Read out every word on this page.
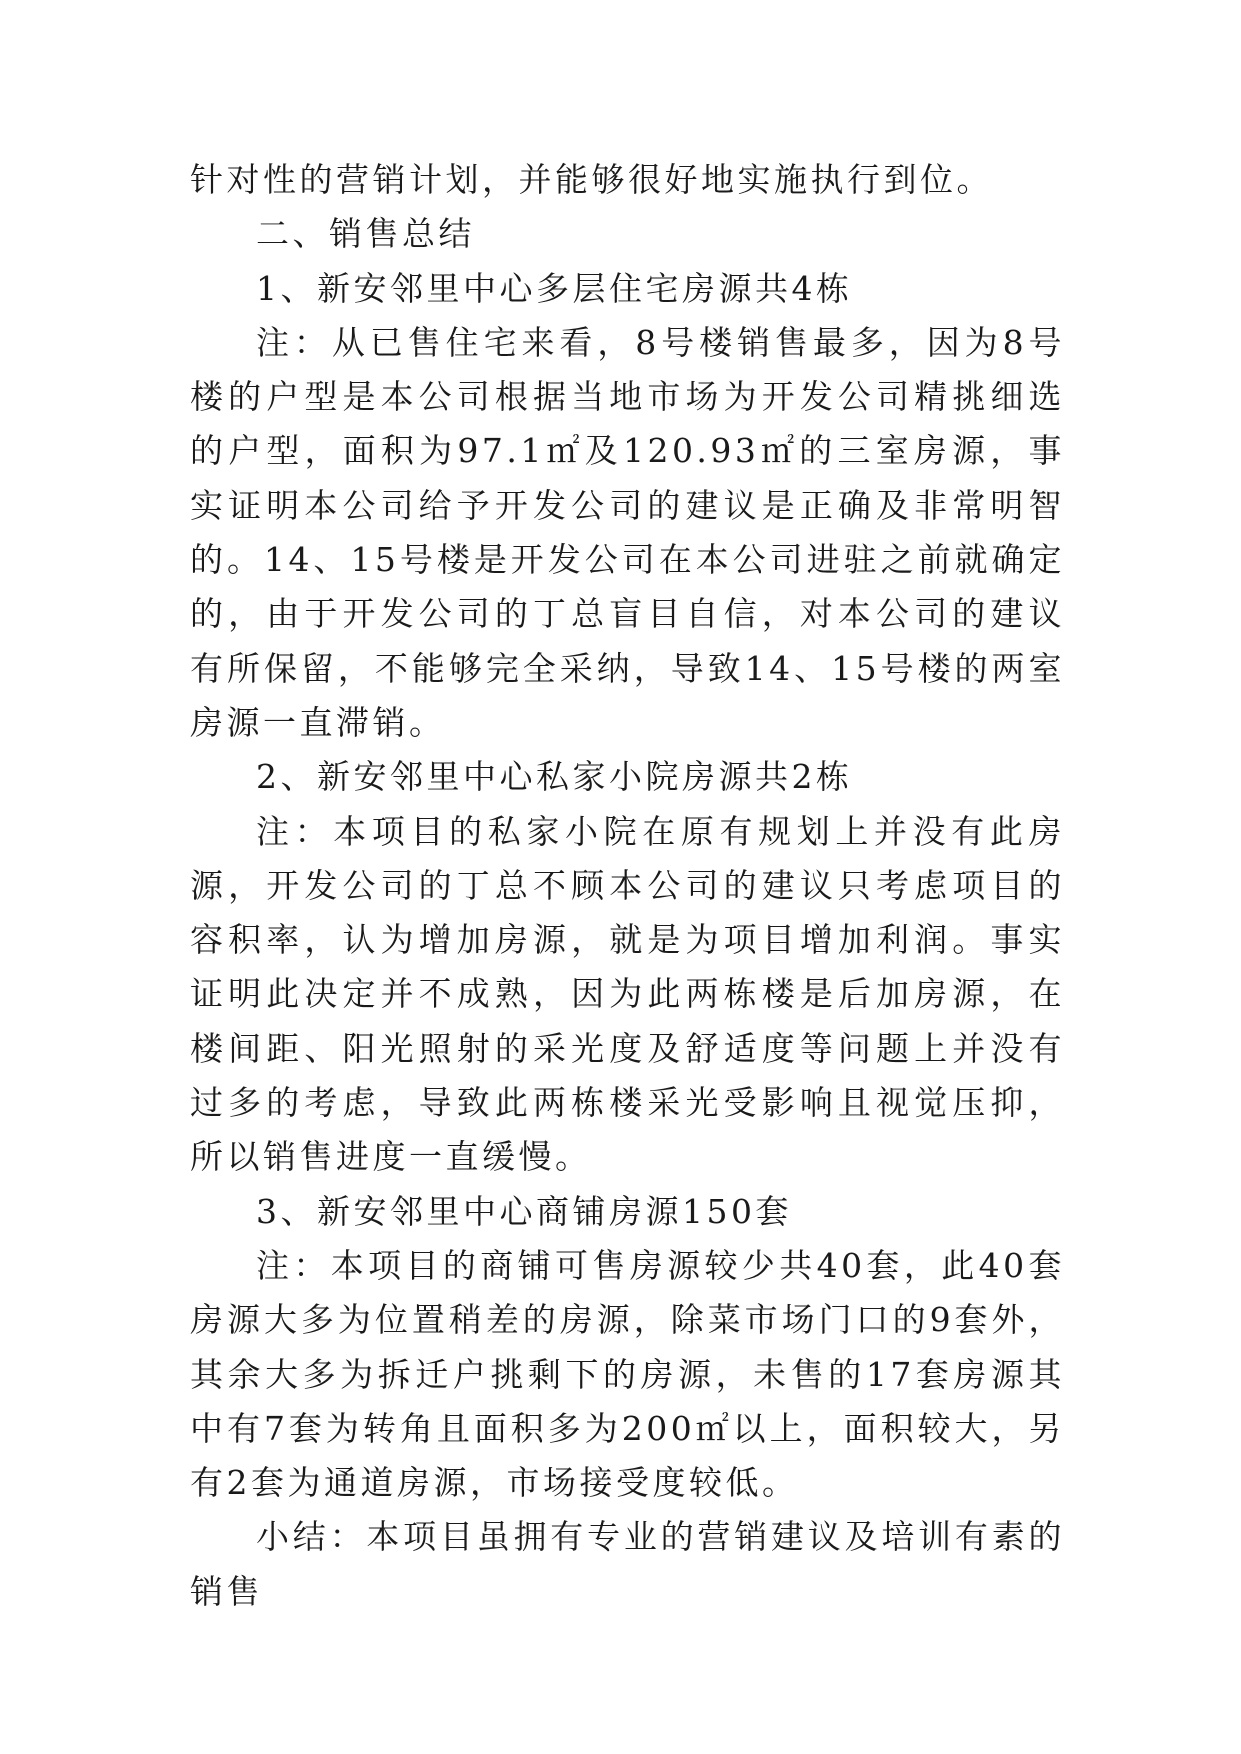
针对性的营销计划，并能够很好地实施执行到位。

二、销售总结

1、新安邻里中心多层住宅房源共4栋

注：从已售住宅来看，8号楼销售最多，因为8号楼的户型是本公司根据当地市场为开发公司精挑细选的户型，面积为97.1㎡及120.93㎡的三室房源，事实证明本公司给予开发公司的建议是正确及非常明智的。14、15号楼是开发公司在本公司进驻之前就确定的，由于开发公司的丁总盲目自信，对本公司的建议有所保留，不能够完全采纳，导致14、15号楼的两室房源一直滞销。

2、新安邻里中心私家小院房源共2栋

注：本项目的私家小院在原有规划上并没有此房源，开发公司的丁总不顾本公司的建议只考虑项目的容积率，认为增加房源，就是为项目增加利润。事实证明此决定并不成熟，因为此两栋楼是后加房源，在楼间距、阳光照射的采光度及舒适度等问题上并没有过多的考虑，导致此两栋楼采光受影响且视觉压抑，所以销售进度一直缓慢。

3、新安邻里中心商铺房源150套

注：本项目的商铺可售房源较少共40套，此40套房源大多为位置稍差的房源，除菜市场门口的9套外，其余大多为拆迁户挑剩下的房源，未售的17套房源其中有7套为转角且面积多为200㎡以上，面积较大，另有2套为通道房源，市场接受度较低。

小结：本项目虽拥有专业的营销建议及培训有素的销售
